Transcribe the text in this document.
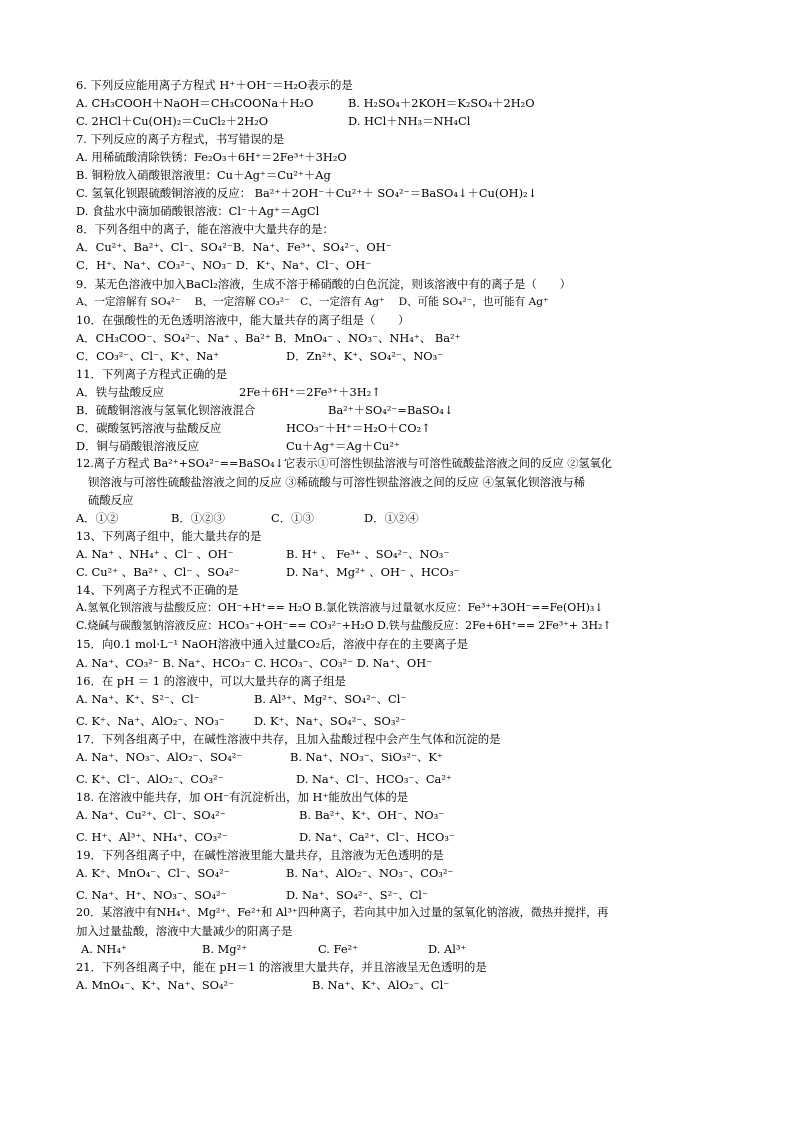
6. 下列反应能用离子方程式 H⁺＋OH⁻＝H₂O表示的是
A. CH₃COOH＋NaOH＝CH₃COONa＋H₂O	B. H₂SO₄＋2KOH＝K₂SO₄＋2H₂O
C. 2HCl＋Cu(OH)₂＝CuCl₂＋2H₂O	D. HCl＋NH₃＝NH₄Cl
7. 下列反应的离子方程式，书写错误的是
A. 用稀硫酸清除铁锈：Fe₂O₃＋6H⁺＝2Fe³⁺＋3H₂O
B. 铜粉放入硝酸银溶液里：Cu＋Ag⁺＝Cu²⁺＋Ag
C. 氢氧化钡跟硫酸铜溶液的反应： Ba²⁺＋2OH⁻＋Cu²⁺＋ SO₄²⁻＝BaSO₄↓＋Cu(OH)₂↓
D. 食盐水中滴加硝酸银溶液：Cl⁻＋Ag⁺＝AgCl
8．下列各组中的离子，能在溶液中大量共存的是：
A．Cu²⁺、Ba²⁺、Cl⁻、SO₄²⁻B．Na⁺、Fe³⁺、SO₄²⁻、OH⁻
C．H⁺、Na⁺、CO₃²⁻、NO₃⁻ D．K⁺、Na⁺、Cl⁻、OH⁻
9．某无色溶液中加入BaCl₂溶液，生成不溶于稀硝酸的白色沉淀，则该溶液中有的离子是（　　）
A、一定溶解有 SO₄²⁻　 B、一定溶解 CO₃²⁻　C、一定溶有 Ag⁺　 D、可能 SO₄²⁻，也可能有 Ag⁺
10．在强酸性的无色透明溶液中，能大量共存的离子组是（　　）
A．CH₃COO⁻、SO₄²⁻、Na⁺ 、Ba²⁺ B．MnO₄⁻ 、NO₃⁻、NH₄⁺、 Ba²⁺
C．CO₃²⁻、Cl⁻、K⁺、Na⁺	D．Zn²⁺、K⁺、SO₄²⁻、NO₃⁻
11．下列离子方程式正确的是
A．铁与盐酸反应	2Fe＋6H⁺＝2Fe³⁺＋3H₂↑
B．硫酸铜溶液与氢氧化钡溶液混合	Ba²⁺＋SO₄²⁻=BaSO₄↓
C．碳酸氢钙溶液与盐酸反应	HCO₃⁻＋H⁺＝H₂O＋CO₂↑
D．铜与硝酸银溶液反应	Cu＋Ag⁺＝Ag＋Cu²⁺
12.离子方程式 Ba²⁺+SO₄²⁻==BaSO₄↓它表示①可溶性钡盐溶液与可溶性硫酸盐溶液之间的反应 ②氢氧化
钡溶液与可溶性硫酸盐溶液之间的反应 ③稀硫酸与可溶性钡盐溶液之间的反应 ④氢氧化钡溶液与稀
硫酸反应
A．①②	B．①②③	C．①③	D．①②④
13、下列离子组中，能大量共存的是
A. Na⁺ 、NH₄⁺ 、Cl⁻ 、OH⁻	B. H⁺ 、 Fe³⁺ 、SO₄²⁻、NO₃⁻
C. Cu²⁺ 、Ba²⁺ 、Cl⁻ 、SO₄²⁻	D. Na⁺、Mg²⁺ 、OH⁻ 、HCO₃⁻
14、下列离子方程式不正确的是
A.氢氧化钡溶液与盐酸反应：OH⁻+H⁺== H₂O B.氯化铁溶液与过量氨水反应：Fe³⁺+3OH⁻==Fe(OH)₃↓
C.烧碱与碳酸氢钠溶液反应：HCO₃⁻+OH⁻== CO₃²⁻+H₂O D.铁与盐酸反应：2Fe+6H⁺== 2Fe³⁺+ 3H₂↑
15．向0.1 mol·L⁻¹ NaOH溶液中通入过量CO₂后，溶液中存在的主要离子是
A. Na⁺、CO₃²⁻ B. Na⁺、HCO₃⁻ C. HCO₃⁻、CO₃²⁻ D. Na⁺、OH⁻
16．在 pH ＝ 1 的溶液中，可以大量共存的离子组是
A. Na⁺、K⁺、S²⁻、Cl⁻	B. Al³⁺、Mg²⁺、SO₄²⁻、Cl⁻
C. K⁺、Na⁺、AlO₂⁻、NO₃⁻	D. K⁺、Na⁺、SO₄²⁻、SO₃²⁻
17．下列各组离子中，在碱性溶液中共存，且加入盐酸过程中会产生气体和沉淀的是
A. Na⁺、NO₃⁻、AlO₂⁻、SO₄²⁻	B. Na⁺、NO₃⁻、SiO₃²⁻、K⁺
C. K⁺、Cl⁻、AlO₂⁻、CO₃²⁻	D. Na⁺、Cl⁻、HCO₃⁻、Ca²⁺
18. 在溶液中能共存，加 OH⁻有沉淀析出，加 H⁺能放出气体的是
A. Na⁺、Cu²⁺、Cl⁻、SO₄²⁻	B. Ba²⁺、K⁺、OH⁻、NO₃⁻
C. H⁺、Al³⁺、NH₄⁺、CO₃²⁻	D. Na⁺、Ca²⁺、Cl⁻、HCO₃⁻
19．下列各组离子中，在碱性溶液里能大量共存，且溶液为无色透明的是
A. K⁺、MnO₄⁻、Cl⁻、SO₄²⁻	B. Na⁺、AlO₂⁻、NO₃⁻、CO₃²⁻
C. Na⁺、H⁺、NO₃⁻、SO₄²⁻	D. Na⁺、SO₄²⁻、S²⁻、Cl⁻
20．某溶液中有NH₄⁺、Mg²⁺、Fe²⁺和 Al³⁺四种离子，若向其中加入过量的氢氧化钠溶液，微热并搅拌，再
加入过量盐酸，溶液中大量减少的阳离子是
A. NH₄⁺	B. Mg²⁺	C. Fe²⁺	D. Al³⁺
21．下列各组离子中，能在 pH＝1 的溶液里大量共存，并且溶液呈无色透明的是
A. MnO₄⁻、K⁺、Na⁺、SO₄²⁻	B. Na⁺、K⁺、AlO₂⁻、Cl⁻
